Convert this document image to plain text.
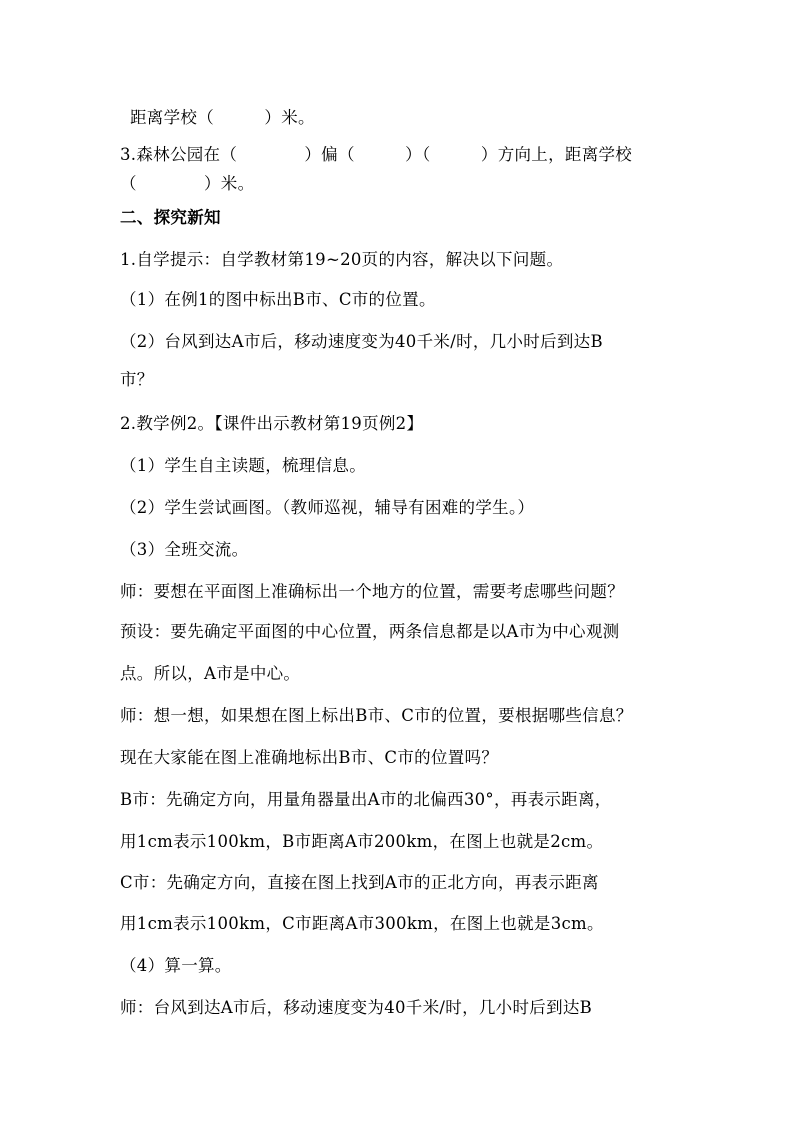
距离学校（　　　）米。
3.森林公园在（　　　　）偏（　　　）（　　　）方向上，距离学校
（　　　　）米。
二、探究新知
1.自学提示：自学教材第19~20页的内容，解决以下问题。
（1）在例1的图中标出B市、C市的位置。
（2）台风到达A市后，移动速度变为40千米/时，几小时后到达B
市？
2.教学例2。【课件出示教材第19页例2】
（1）学生自主读题，梳理信息。
（2）学生尝试画图。（教师巡视，辅导有困难的学生。）
（3）全班交流。
师：要想在平面图上准确标出一个地方的位置，需要考虑哪些问题？
预设：要先确定平面图的中心位置，两条信息都是以A市为中心观测
点。所以，A市是中心。
师：想一想，如果想在图上标出B市、C市的位置，要根据哪些信息？
现在大家能在图上准确地标出B市、C市的位置吗？
B市：先确定方向，用量角器量出A市的北偏西30°，再表示距离，
用1cm表示100km，B市距离A市200km，在图上也就是2cm。
C市：先确定方向，直接在图上找到A市的正北方向，再表示距离
用1cm表示100km，C市距离A市300km，在图上也就是3cm。
（4）算一算。
师：台风到达A市后，移动速度变为40千米/时，几小时后到达B
